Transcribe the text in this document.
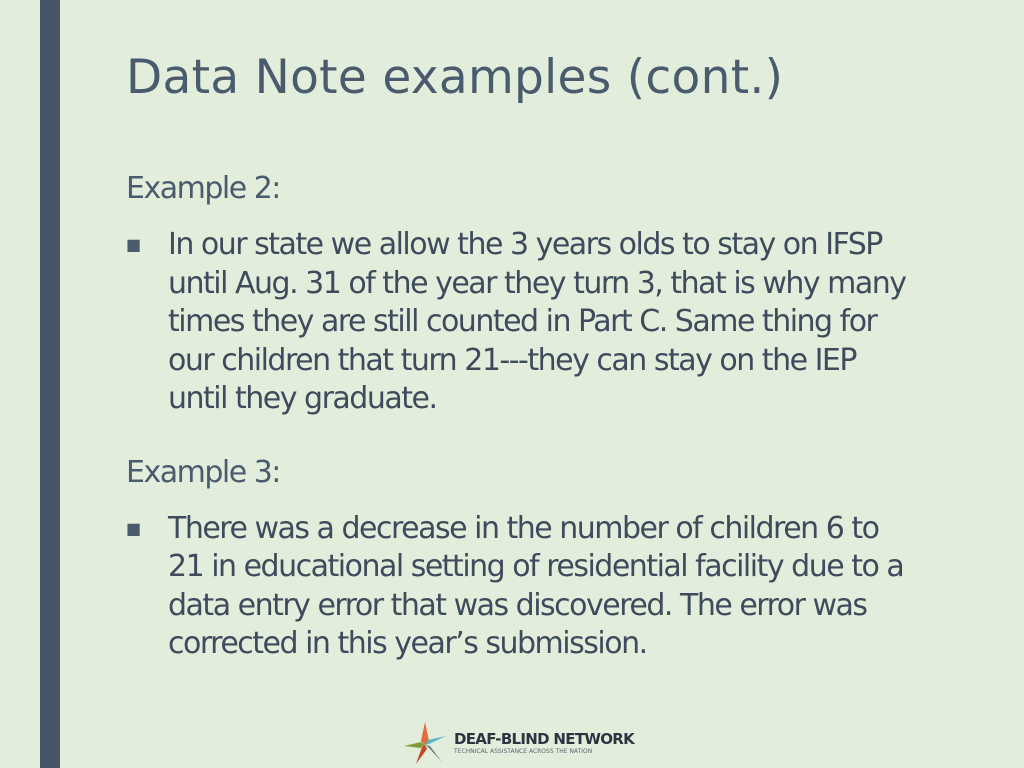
Data Note examples (cont.)
Example 2:
■ In our state we allow the 3 years olds to stay on IFSP until Aug. 31 of the year they turn 3, that is why many times they are still counted in Part C. Same thing for our children that turn 21---they can stay on the IEP until they graduate.
Example 3:
■ There was a decrease in the number of children 6 to 21 in educational setting of residential facility due to a data entry error that was discovered. The error was corrected in this year’s submission.
DEAF-BLIND NETWORK
TECHNICAL ASSISTANCE ACROSS THE NATION
